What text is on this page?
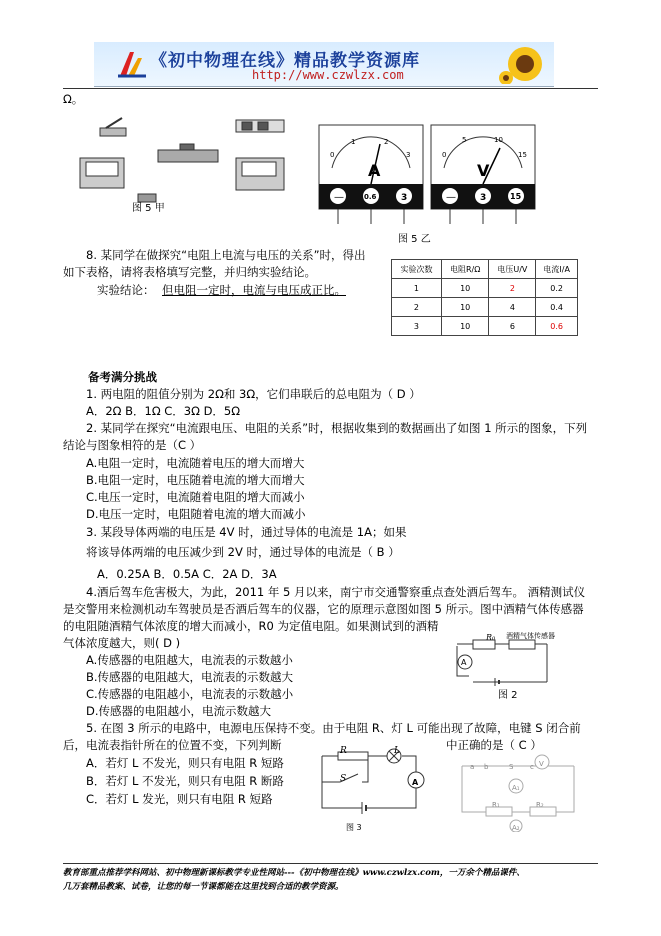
《初中物理在线》精品教学资源库
http://www.czwlzx.com
Ω。
图 5 甲
A
0
1	2
3
—	0.6	3
V
0
5	10
15
—	3	15
图 5 乙
8. 某同学在做探究“电阻上电流与电压的关系”时，得出
如下表格，请将表格填写完整，并归纳实验结论。
实验结论： 但电阻一定时，电流与电压成正比。
实验次数	电阻R/Ω	电压U/V	电流I/A
1	10	2	0.2
2	10	4	0.4
3	10	6	0.6
备考满分挑战
1. 两电阻的阻值分别为 2Ω和 3Ω，它们串联后的总电阻为（ D ）
A．2Ω B．1Ω C．3Ω D．5Ω
2. 某同学在探究“电流跟电压、电阻的关系”时，根据收集到的数据画出了如图 1 所示的图象，下列
结论与图象相符的是（C ）
A.电阻一定时，电流随着电压的增大而增大
B.电阻一定时，电压随着电流的增大而增大
C.电压一定时，电流随着电阻的增大而减小
D.电压一定时，电阻随着电流的增大而减小
3. 某段导体两端的电压是 4V 时，通过导体的电流是 1A；如果
将该导体两端的电压减少到 2V 时，通过导体的电流是（ B ）
A．0.25A B．0.5A C．2A D．3A
4.酒后驾车危害极大，为此，2011 年 5 月以来，南宁市交通警察重点查处酒后驾车。 酒精测试仪
是交警用来检测机动车驾驶员是否酒后驾车的仪器，它的原理示意图如图 5 所示。图中酒精气体传感器
的电阻随酒精气体浓度的增大而减小，R0 为定值电阻。如果测试到的酒精
气体浓度越大，则( D )
A.传感器的电阻越大，电流表的示数越小
B.传感器的电阻越大，电流表的示数越大
C.传感器的电阻越小，电流表的示数越小
D.传感器的电阻越小，电流示数越大
R₀ 酒精气体传感器
A
图 2
5. 在图 3 所示的电路中，电源电压保持不变。由于电阻 R、灯 L 可能出现了故障，电键 S 闭合前
后，电流表指针所在的位置不变，下列判断	中正确的是（ C ）
A．若灯 L 不发光，则只有电阻 R 短路
B．若灯 L 不发光，则只有电阻 R 断路
C．若灯 L 发光，则只有电阻 R 短路
R	L
S	A
图 3
a b	S c V
A₁
R₁	R₂
A₂
教育部重点推荐学科网站、初中物理新课标教学专业性网站---《初中物理在线》www.czwlzx.com，一万余个精品课件、
几万套精品教案、试卷，让您的每一节课都能在这里找到合适的教学资源。
